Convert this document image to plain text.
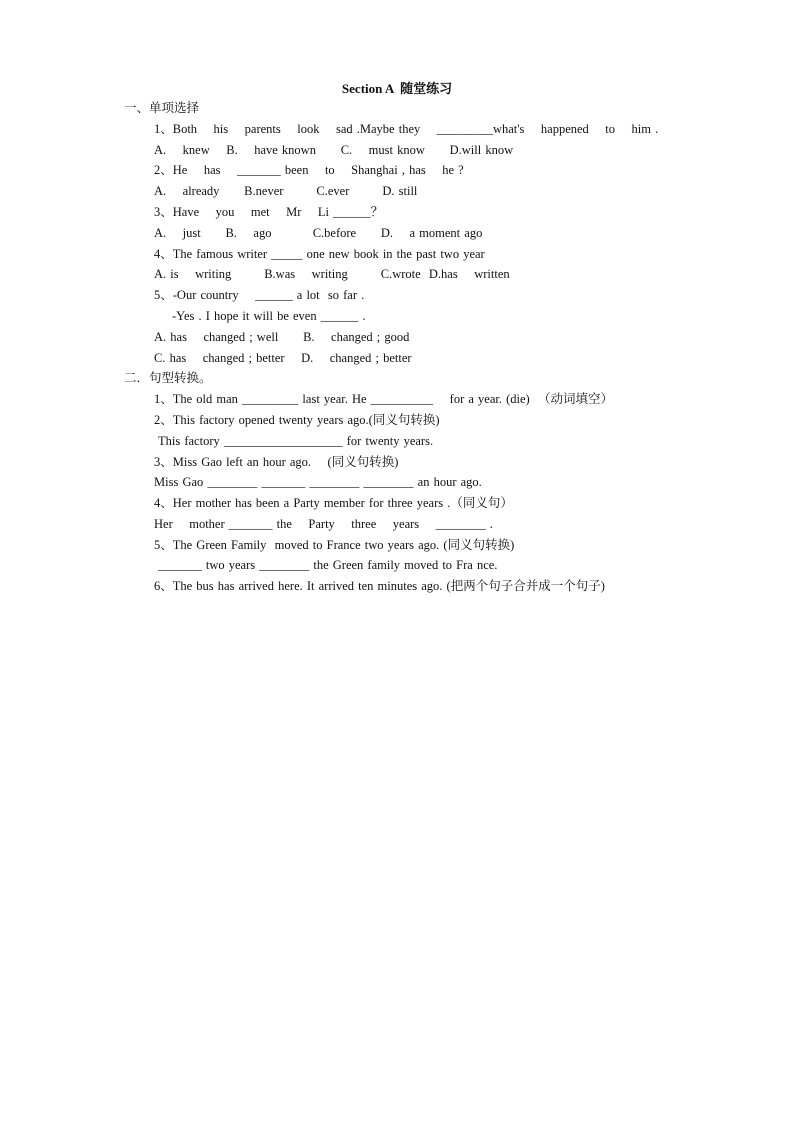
Section A  随堂练习
一、单项选择
1、Both    his    parents    look    sad .Maybe they    _________what's    happened    to    him .
A.    knew    B.    have known      C.    must know      D.will know
2、He    has    _______ been    to    Shanghai , has    he ?
A.    already      B.never        C.ever        D. still
3、Have    you    met    Mr    Li ______？
A.    just      B.    ago          C.before      D.    a moment ago
4、The famous writer _____ one new book in the past two year
A. is    writing        B.was    writing        C.wrote  D.has    written
5、-Our country    ______ a lot  so far .
-Yes . I hope it will be even ______ .
A. has    changed ; well      B.    changed ; good
C. has    changed ; better    D.    changed ; better
二．句型转换。
1、The old man _________ last year. He __________    for a year. (die)  （动词填空）
2、This factory opened twenty years ago.(同义句转换)
This factory ___________________ for twenty years.
3、Miss Gao left an hour ago.    (同义句转换)
Miss Gao ________ _______ ________ ________ an hour ago.
4、Her mother has been a Party member for three years .（同义句）
Her    mother _______ the    Party    three    years    ________ .
5、The Green Family  moved to France two years ago. (同义句转换)
_______ two years ________ the Green family moved to Fra nce.
6、The bus has arrived here. It arrived ten minutes ago. (把两个句子合并成一个句子)
